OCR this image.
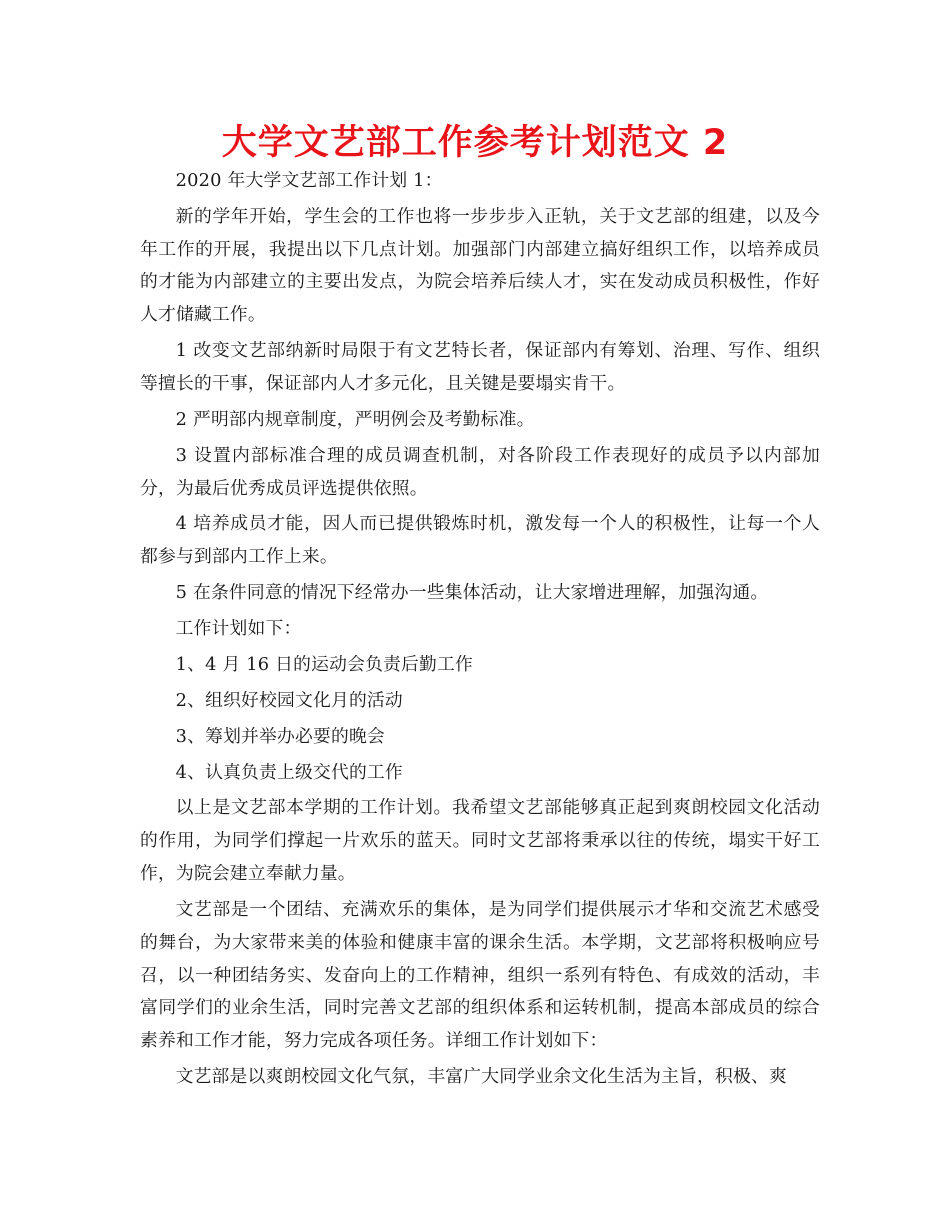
大学文艺部工作参考计划范文 2

2020 年大学文艺部工作计划 1：

新的学年开始，学生会的工作也将一步步步入正轨，关于文艺部的组建，以及今年工作的开展，我提出以下几点计划。加强部门内部建立搞好组织工作，以培养成员的才能为内部建立的主要出发点，为院会培养后续人才，实在发动成员积极性，作好人才储藏工作。

1 改变文艺部纳新时局限于有文艺特长者，保证部内有筹划、治理、写作、组织等擅长的干事，保证部内人才多元化，且关键是要塌实肯干。

2 严明部内规章制度，严明例会及考勤标准。

3 设置内部标准合理的成员调查机制，对各阶段工作表现好的成员予以内部加分，为最后优秀成员评选提供依照。

4 培养成员才能，因人而已提供锻炼时机，激发每一个人的积极性，让每一个人都参与到部内工作上来。

5 在条件同意的情况下经常办一些集体活动，让大家增进理解，加强沟通。

工作计划如下：

1、4 月 16 日的运动会负责后勤工作

2、组织好校园文化月的活动

3、筹划并举办必要的晚会

4、认真负责上级交代的工作

以上是文艺部本学期的工作计划。我希望文艺部能够真正起到爽朗校园文化活动的作用，为同学们撑起一片欢乐的蓝天。同时文艺部将秉承以往的传统，塌实干好工作，为院会建立奉献力量。

文艺部是一个团结、充满欢乐的集体，是为同学们提供展示才华和交流艺术感受的舞台，为大家带来美的体验和健康丰富的课余生活。本学期，文艺部将积极响应号召，以一种团结务实、发奋向上的工作精神，组织一系列有特色、有成效的活动，丰富同学们的业余生活，同时完善文艺部的组织体系和运转机制，提高本部成员的综合素养和工作才能，努力完成各项任务。详细工作计划如下：

文艺部是以爽朗校园文化气氛，丰富广大同学业余文化生活为主旨，积极、爽
